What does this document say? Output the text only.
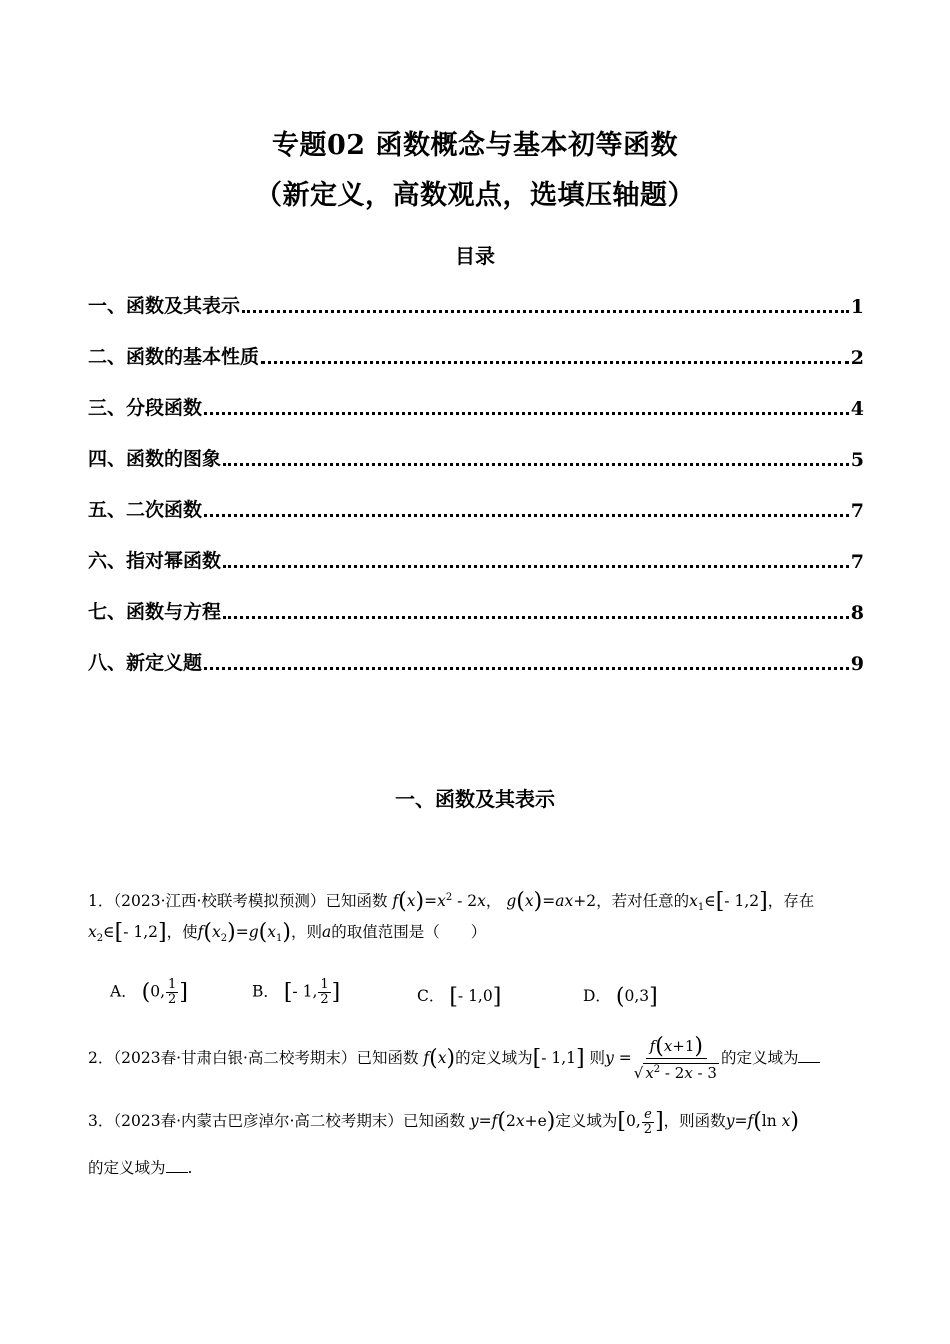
专题02 函数概念与基本初等函数
（新定义，高数观点，选填压轴题）
目录
一、函数及其表示	1
二、函数的基本性质	2
三、分段函数	4
四、函数的图象	5
五、二次函数	7
六、指对幂函数	7
七、函数与方程	8
八、新定义题	9
一、函数及其表示
1．（2023·江西·校联考模拟预测）已知函数 $f(x)=x^2 - 2x$， g(x)=ax+2，若对任意的$x_1\in[-$ 1,2]，存在
$x_2\in[-$ 1,2]，使$f(x_2)=g(x_1)$，则a的取值范围是（　　）
A． (0, $\frac{1}{2}$ ]	B． [- 1, $\frac{1}{2}$ ]	C． [- 1,0]	D． (0,3]
2．（2023春·甘肃白银·高二校考期末）已知函数 f(x)的定义域为[- 1,1] 则$y = \frac{f(x+1)}{√ x^2 - 2x - 3}$ 的定义域为
3．（2023春·内蒙古巴彦淖尔·高二校考期末）已知函数 y=f(2x+e)定义域为[0, $\frac{e}{2}$ ]，则函数y=f(ln x)
的定义域为 .
